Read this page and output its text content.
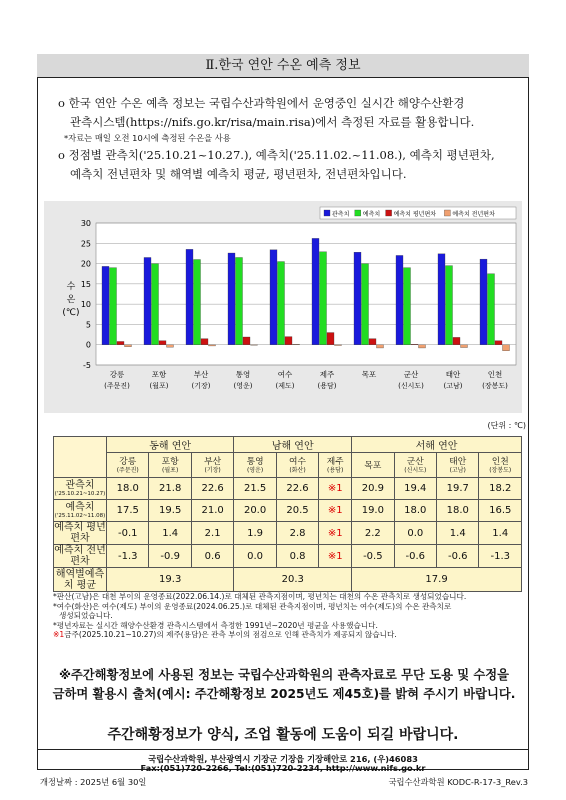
Ⅱ.한국 연안 수온 예측 정보
o 한국 연안 수온 예측 정보는 국립수산과학원에서 운영중인 실시간 해양수산환경
관측시스템(https://nifs.go.kr/risa/main.risa)에서 측정된 자료를 활용합니다.
*자료는 매일 오전 10시에 측정된 수온을 사용
o 정점별 관측치('25.10.21~10.27.), 예측치('25.11.02.~11.08.), 예측치 평년편차,
예측치 전년편차 및 해역별 예측치 평균, 평년편차, 전년편차입니다.
-5
0
5
10
15
20
25
30
수 온 (℃)
강릉
(주문진)
포항
(월포)
부산
(기장)
통영
(영운)
여수
(제도)
제주
(용담)
목포	군산
(신시도)
태안
(고남)
인천
(장봉도)
관측치 예측치 예측치 평년편차	예측치 전년편차
(단위 : ℃)
	동해 연안			남해 연안			서해 연안			
	강릉
(주문진)	포항
(월포)	부산
(기장)	통영
(영운)	여수
(화산)	제주
(용담)	목포	군산
(신시도)	태안
(고남)	인천
(장봉도)

관측치
('25.10.21~10.27)	18.0	21.8	22.6	21.5	22.6	※1	20.9	19.4	19.7	18.2
예측치
('25.11.02~11.08)	17.5	19.5	21.0	20.0	20.5	※1	19.0	18.0	18.0	16.5
예측치 평년편차	-0.1	1.4	2.1	1.9	2.8	※1	2.2	0.0	1.4	1.4
예측치 전년편차	-1.3	-0.9	0.6	0.0	0.8	※1	-0.5	-0.6	-0.6	-1.3
해역별예측치 평균	19.3			20.3			17.9			
*판산(고남)은 대천 부이의 운영종료(2022.06.14.)로 대체된 관측지점이며, 평년치는 대천의 수온 관측치로 생성되었습니다.
*여수(화산)은 여수(제도) 부이의 운영종료(2024.06.25.)로 대체된 관측지점이며, 평년치는 여수(제도)의 수온 관측치로
생성되었습니다.
*평년자료는 실시간 해양수산환경 관측시스템에서 측정한 1991년~2020년 평균을 사용했습니다.
※1금주(2025.10.21~10.27)의 제주(용담)은 관측 부이의 점검으로 인해 관측치가 제공되지 않습니다.
※주간해황정보에 사용된 정보는 국립수산과학원의 관측자료로 무단 도용 및 수정을
금하며 활용시 출처(예시: 주간해황정보 2025년도 제45호)를 밝혀 주시기 바랍니다.
주간해황정보가 양식, 조업 활동에 도움이 되길 바랍니다.
국립수산과학원, 부산광역시 기장군 기장읍 기장해안로 216, (우)46083
Fax:(051)720-2266, Tel:(051)720-2234, http://www.nifs.go.kr
개정날짜 : 2025년 6월 30일	국립수산과학원 KODC-R-17-3_Rev.3
